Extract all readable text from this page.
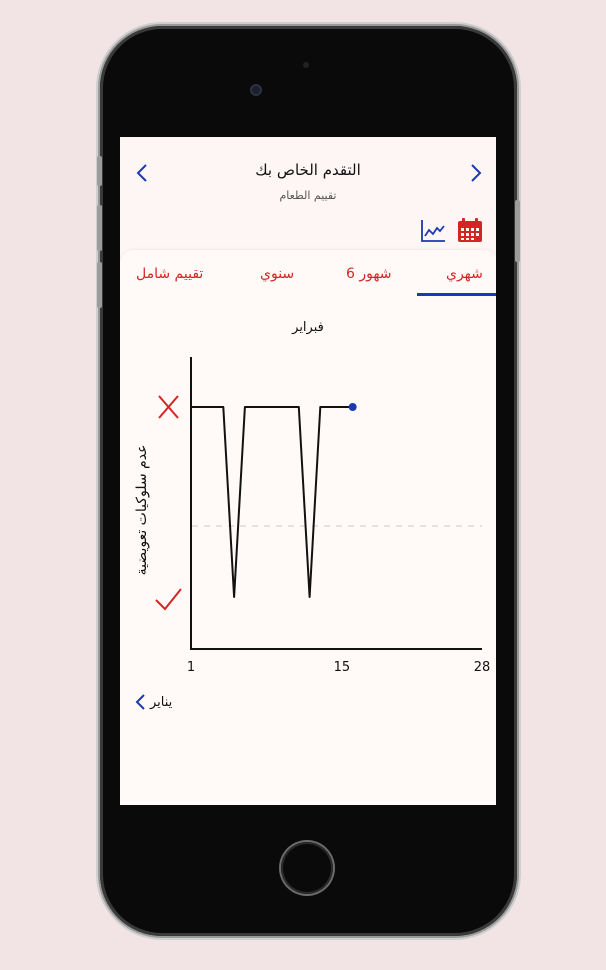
التقدم الخاص بك
تقييم الطعام
شهري
6 شهور
سنوي
تقييم شامل
فبراير
عدم سلوكيات تعويضية
1	15	28
يناير
